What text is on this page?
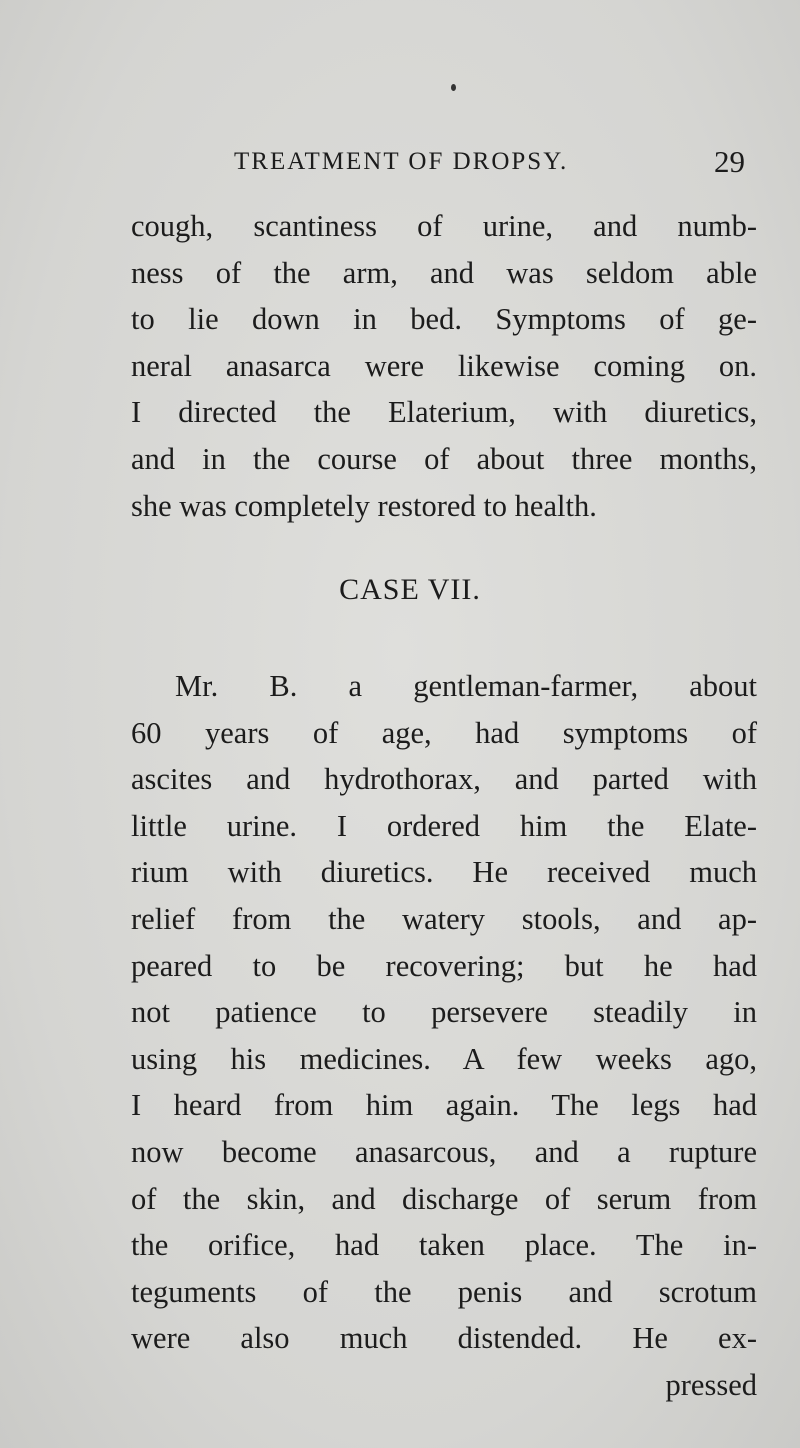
TREATMENT OF DROPSY.	29
cough, scantiness of urine, and numb-
ness of the arm, and was seldom able
to lie down in bed. Symptoms of ge-
neral anasarca were likewise coming on.
I directed the Elaterium, with diuretics,
and in the course of about three months,
she was completely restored to health.
CASE VII.
Mr. B. a gentleman-farmer, about
60 years of age, had symptoms of
ascites and hydrothorax, and parted with
little urine. I ordered him the Elate-
rium with diuretics. He received much
relief from the watery stools, and ap-
peared to be recovering; but he had
not patience to persevere steadily in
using his medicines. A few weeks ago,
I heard from him again. The legs had
now become anasarcous, and a rupture
of the skin, and discharge of serum from
the orifice, had taken place. The in-
teguments of the penis and scrotum
were also much distended. He ex-
pressed
